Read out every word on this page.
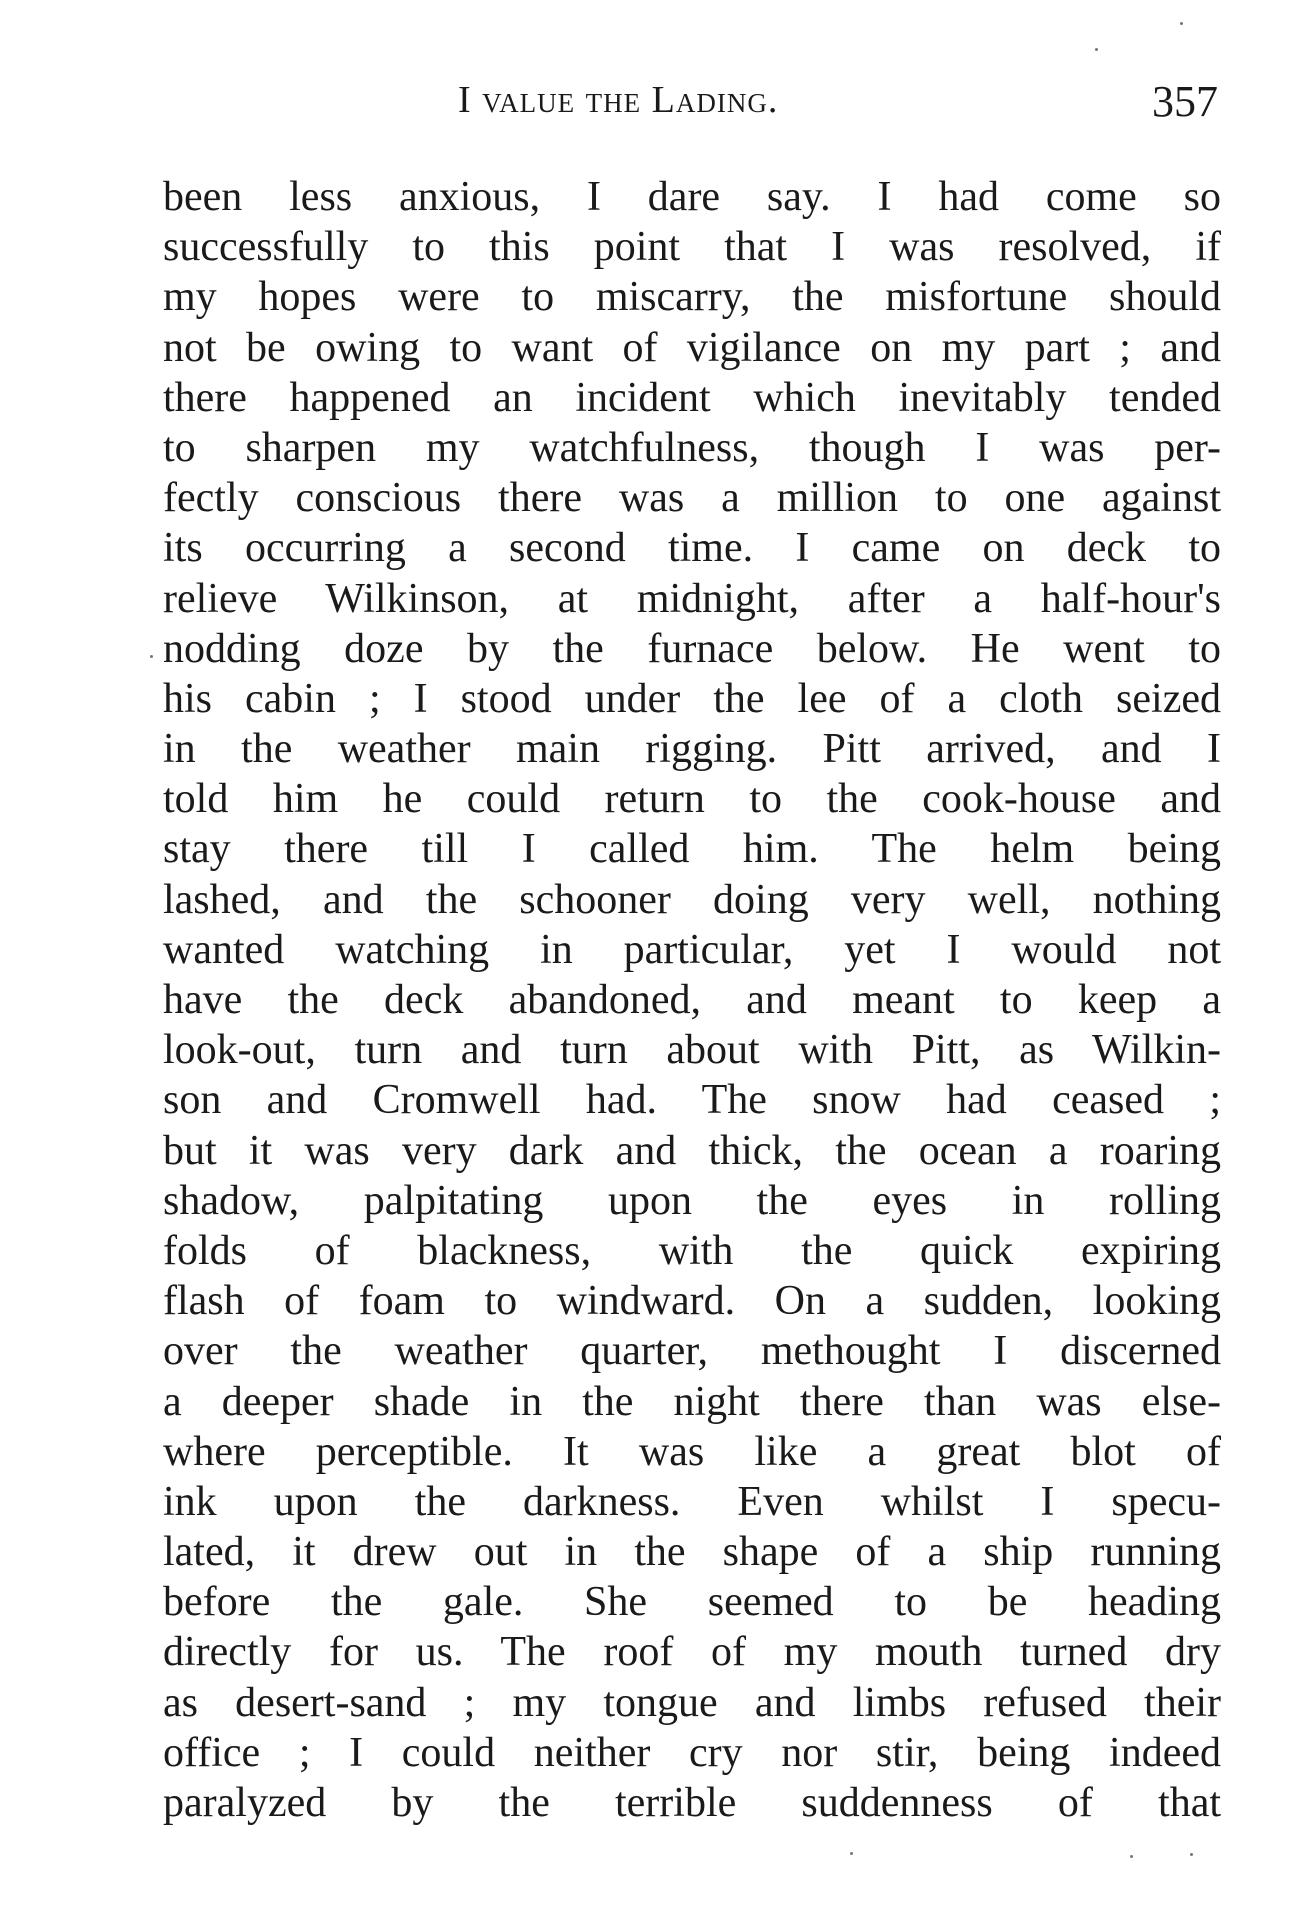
I value the Lading.	357
been less anxious, I dare say. I had come so
successfully to this point that I was resolved, if
my hopes were to miscarry, the misfortune should
not be owing to want of vigilance on my part ; and
there happened an incident which inevitably tended
to sharpen my watchfulness, though I was per-
fectly conscious there was a million to one against
its occurring a second time. I came on deck to
relieve Wilkinson, at midnight, after a half-hour's
nodding doze by the furnace below. He went to
his cabin ; I stood under the lee of a cloth seized
in the weather main rigging. Pitt arrived, and I
told him he could return to the cook-house and
stay there till I called him. The helm being
lashed, and the schooner doing very well, nothing
wanted watching in particular, yet I would not
have the deck abandoned, and meant to keep a
look-out, turn and turn about with Pitt, as Wilkin-
son and Cromwell had. The snow had ceased ;
but it was very dark and thick, the ocean a roaring
shadow, palpitating upon the eyes in rolling
folds of blackness, with the quick expiring
flash of foam to windward. On a sudden, looking
over the weather quarter, methought I discerned
a deeper shade in the night there than was else-
where perceptible. It was like a great blot of
ink upon the darkness. Even whilst I specu-
lated, it drew out in the shape of a ship running
before the gale. She seemed to be heading
directly for us. The roof of my mouth turned dry
as desert-sand ; my tongue and limbs refused their
office ; I could neither cry nor stir, being indeed
paralyzed by the terrible suddenness of that
